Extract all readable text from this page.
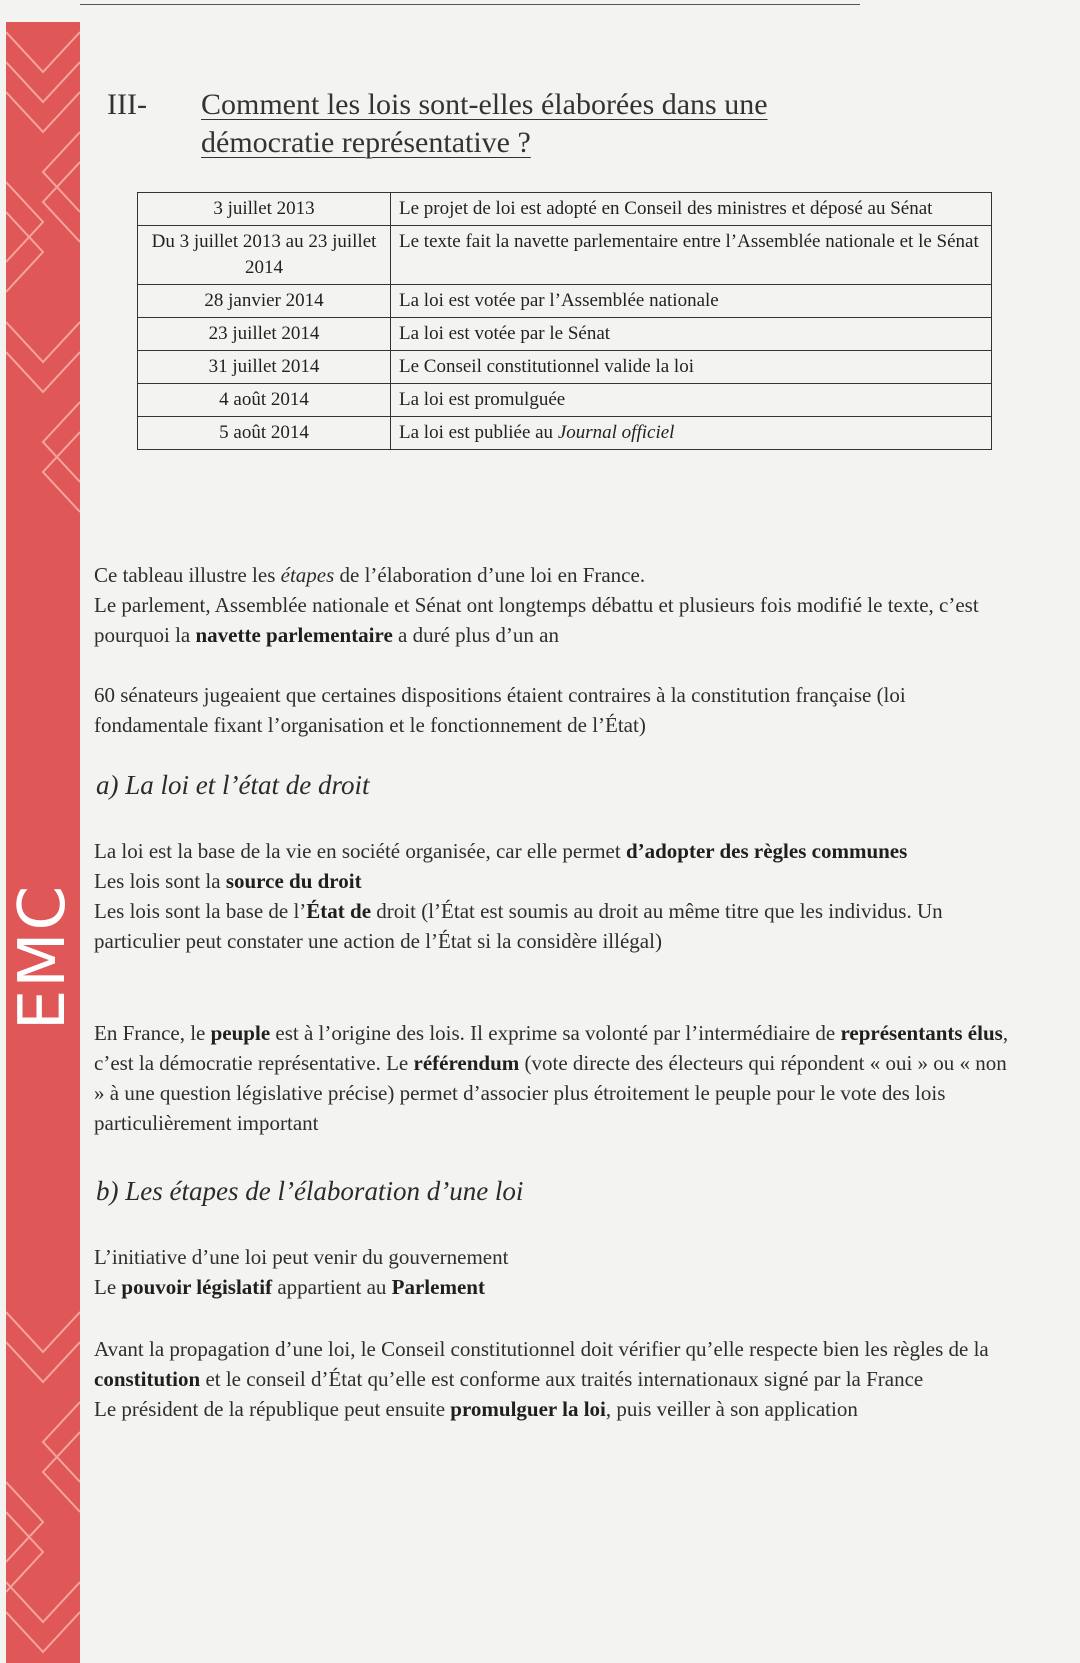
EMC
III- Comment les lois sont-elles élaborées dans une
démocratie représentative ?
3 juillet 2013	Le projet de loi est adopté en Conseil des ministres et déposé au Sénat
Du 3 juillet 2013 au 23 juillet 2014	Le texte fait la navette parlementaire entre l’Assemblée nationale et le Sénat
28 janvier 2014	La loi est votée par l’Assemblée nationale
23 juillet 2014	La loi est votée par le Sénat
31 juillet 2014	Le Conseil constitutionnel valide la loi
4 août 2014	La loi est promulguée
5 août 2014	La loi est publiée au Journal officiel
Ce tableau illustre les étapes de l’élaboration d’une loi en France.
Le parlement, Assemblée nationale et Sénat ont longtemps débattu et plusieurs fois modifié le texte, c’est pourquoi la navette parlementaire a duré plus d’un an
60 sénateurs jugeaient que certaines dispositions étaient contraires à la constitution française (loi fondamentale fixant l’organisation et le fonctionnement de l’État)
a) La loi et l’état de droit
La loi est la base de la vie en société organisée, car elle permet d’adopter des règles communes
Les lois sont la source du droit
Les lois sont la base de l’État de droit (l’État est soumis au droit au même titre que les individus. Un particulier peut constater une action de l’État si la considère illégal)
En France, le peuple est à l’origine des lois. Il exprime sa volonté par l’intermédiaire de représentants élus, c’est la démocratie représentative. Le référendum (vote directe des électeurs qui répondent « oui » ou « non » à une question législative précise) permet d’associer plus étroitement le peuple pour le vote des lois particulièrement important
b) Les étapes de l’élaboration d’une loi
L’initiative d’une loi peut venir du gouvernement
Le pouvoir législatif appartient au Parlement
Avant la propagation d’une loi, le Conseil constitutionnel doit vérifier qu’elle respecte bien les règles de la constitution et le conseil d’État qu’elle est conforme aux traités internationaux signé par la France
Le président de la république peut ensuite promulguer la loi, puis veiller à son application
